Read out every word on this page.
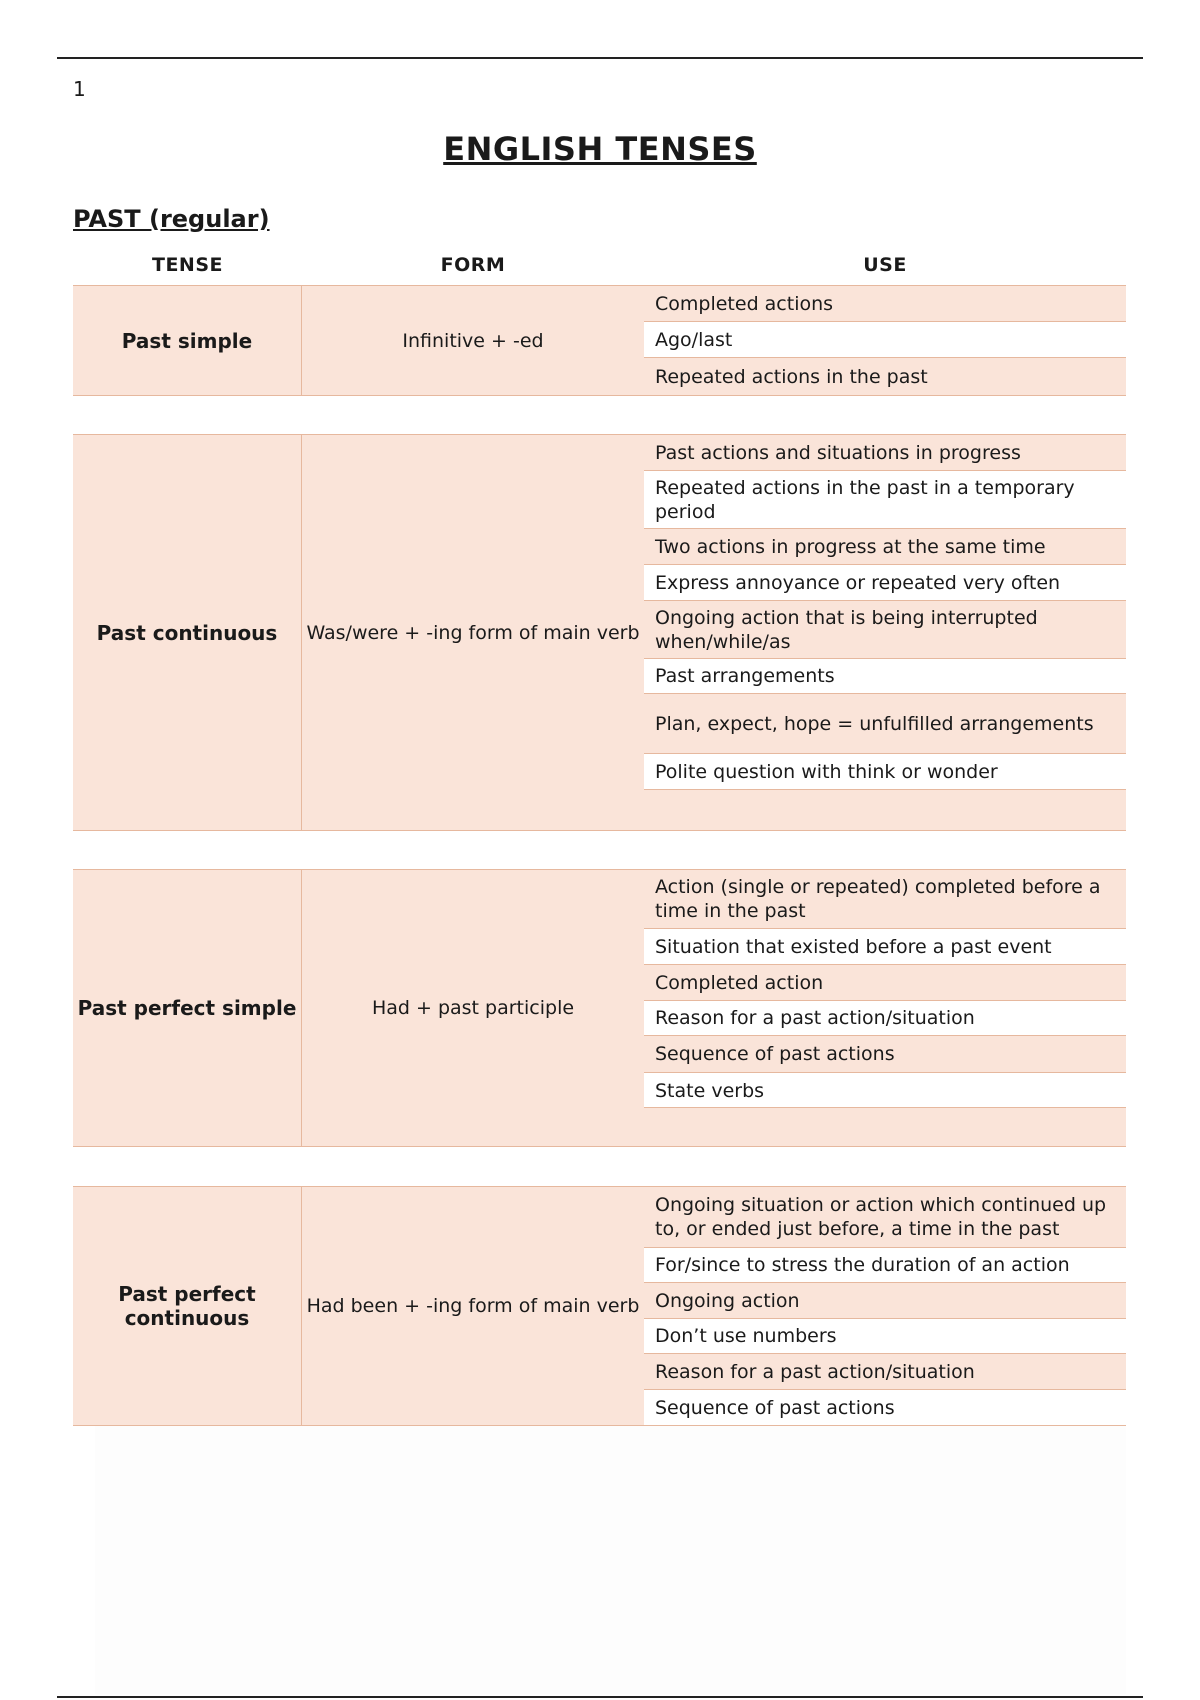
1
ENGLISH TENSES
PAST (regular)
TENSE	FORM	USE
Past simple	Infinitive + -ed
Completed actions
Ago/last
Repeated actions in the past
Past continuous	Was/were + -ing form of main verb
Past actions and situations in progress
Repeated actions in the past in a temporary period
Two actions in progress at the same time
Express annoyance or repeated very often
Ongoing action that is being interrupted when/while/as
Past arrangements
Plan, expect, hope = unfulfilled arrangements
Polite question with think or wonder
Past perfect simple	Had + past participle
Action (single or repeated) completed before a time in the past
Situation that existed before a past event
Completed action
Reason for a past action/situation
Sequence of past actions
State verbs
Past perfect continuous	Had been + -ing form of main verb
Ongoing situation or action which continued up to, or ended just before, a time in the past
For/since to stress the duration of an action
Ongoing action
Don’t use numbers
Reason for a past action/situation
Sequence of past actions
